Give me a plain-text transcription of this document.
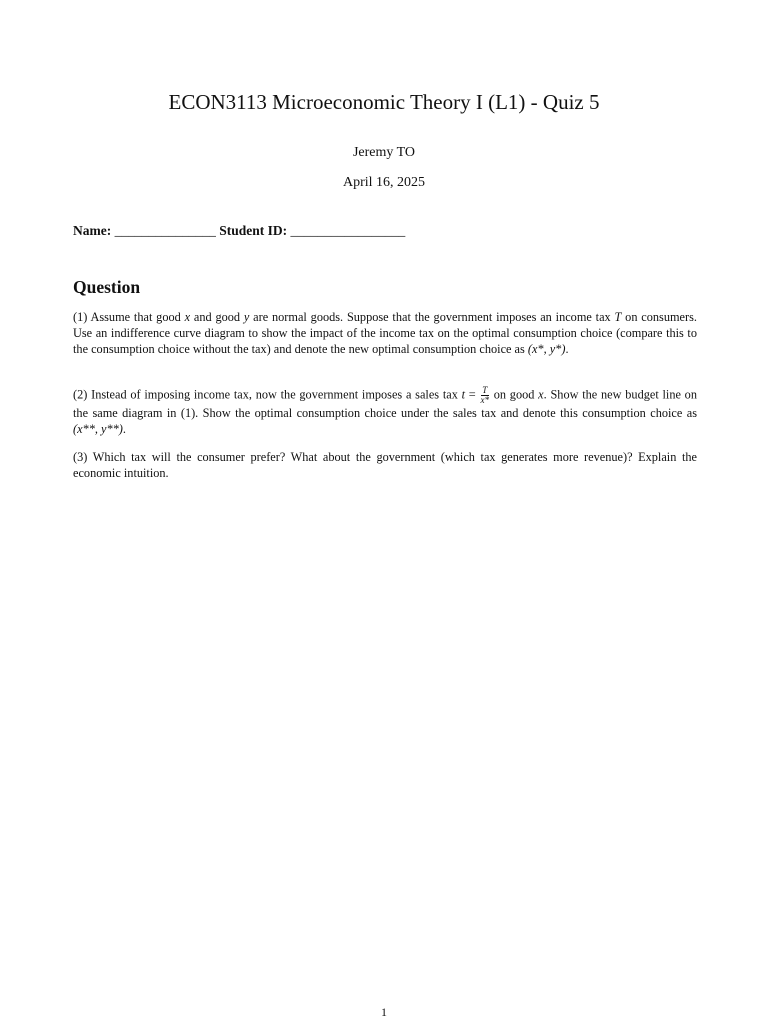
ECON3113 Microeconomic Theory I (L1) - Quiz 5
Jeremy TO
April 16, 2025
Name: _______________ Student ID: _________________
Question
(1) Assume that good x and good y are normal goods. Suppose that the government imposes an income tax T on consumers. Use an indifference curve diagram to show the impact of the income tax on the optimal consumption choice (compare this to the consumption choice without the tax) and denote the new optimal consumption choice as (x*, y*).
(2) Instead of imposing income tax, now the government imposes a sales tax $t = \frac{T}{x*}$ on good x. Show the new budget line on the same diagram in (1). Show the optimal consumption choice under the sales tax and denote this consumption choice as (x**, y**).
(3) Which tax will the consumer prefer? What about the government (which tax generates more revenue)? Explain the economic intuition.
1
